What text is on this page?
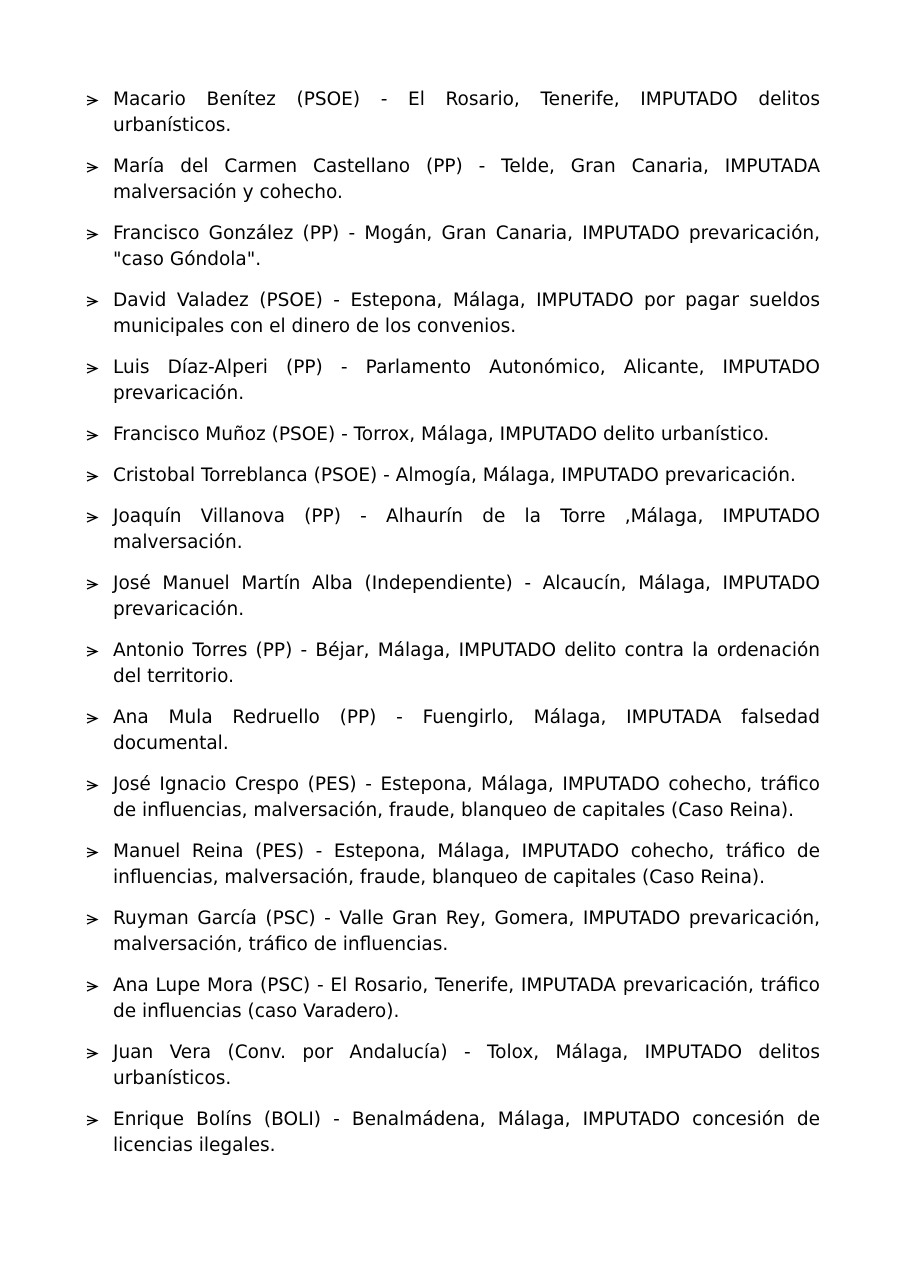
Macario Benítez (PSOE) - El Rosario, Tenerife, IMPUTADO delitos urbanísticos.

María del Carmen Castellano (PP) - Telde, Gran Canaria, IMPUTADA malversación y cohecho.

Francisco González (PP) - Mogán, Gran Canaria, IMPUTADO prevaricación, "caso Góndola".

David Valadez (PSOE) - Estepona, Málaga, IMPUTADO por pagar sueldos municipales con el dinero de los convenios.

Luis Díaz-Alperi (PP) - Parlamento Autonómico, Alicante, IMPUTADO prevaricación.

Francisco Muñoz (PSOE) - Torrox, Málaga, IMPUTADO delito urbanístico.

Cristobal Torreblanca (PSOE) - Almogía, Málaga, IMPUTADO prevaricación.

Joaquín Villanova (PP) - Alhaurín de la Torre ,Málaga, IMPUTADO malversación.

José Manuel Martín Alba (Independiente) - Alcaucín, Málaga, IMPUTADO prevaricación.

Antonio Torres (PP) - Béjar, Málaga, IMPUTADO delito contra la ordenación del territorio.

Ana Mula Redruello (PP) - Fuengirlo, Málaga, IMPUTADA falsedad documental.

José Ignacio Crespo (PES) - Estepona, Málaga, IMPUTADO cohecho, tráfico de influencias, malversación, fraude, blanqueo de capitales (Caso Reina).

Manuel Reina (PES) - Estepona, Málaga, IMPUTADO cohecho, tráfico de influencias, malversación, fraude, blanqueo de capitales (Caso Reina).

Ruyman García (PSC) - Valle Gran Rey, Gomera, IMPUTADO prevaricación, malversación, tráfico de influencias.

Ana Lupe Mora (PSC) - El Rosario, Tenerife, IMPUTADA prevaricación, tráfico de influencias (caso Varadero).

Juan Vera (Conv. por Andalucía) - Tolox, Málaga, IMPUTADO delitos urbanísticos.

Enrique Bolíns (BOLI) - Benalmádena, Málaga, IMPUTADO concesión de licencias ilegales.
